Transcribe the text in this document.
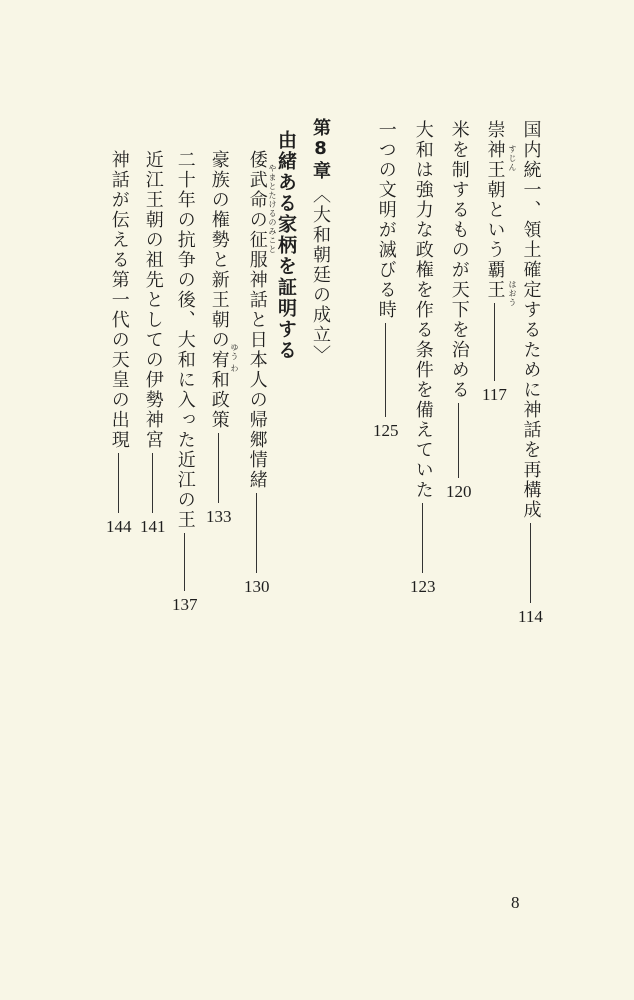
国内統一、領土確定するために神話を再構成
114
崇神王朝という覇王
117
すじん
はおう
米を制するものが天下を治める
120
大和は強力な政権を作る条件を備えていた
123
一つの文明が滅びる時
125
第8章
〈大和朝廷の成立〉
由緒ある家柄を証明する
倭武命の征服神話と日本人の帰郷情緒
130
やまとたけるのみこと
豪族の権勢と新王朝の宥和政策
133
ゆう
わ
二十年の抗争の後、大和に入った近江の王
137
近江王朝の祖先としての伊勢神宮
141
神話が伝える第一代の天皇の出現
144
8
